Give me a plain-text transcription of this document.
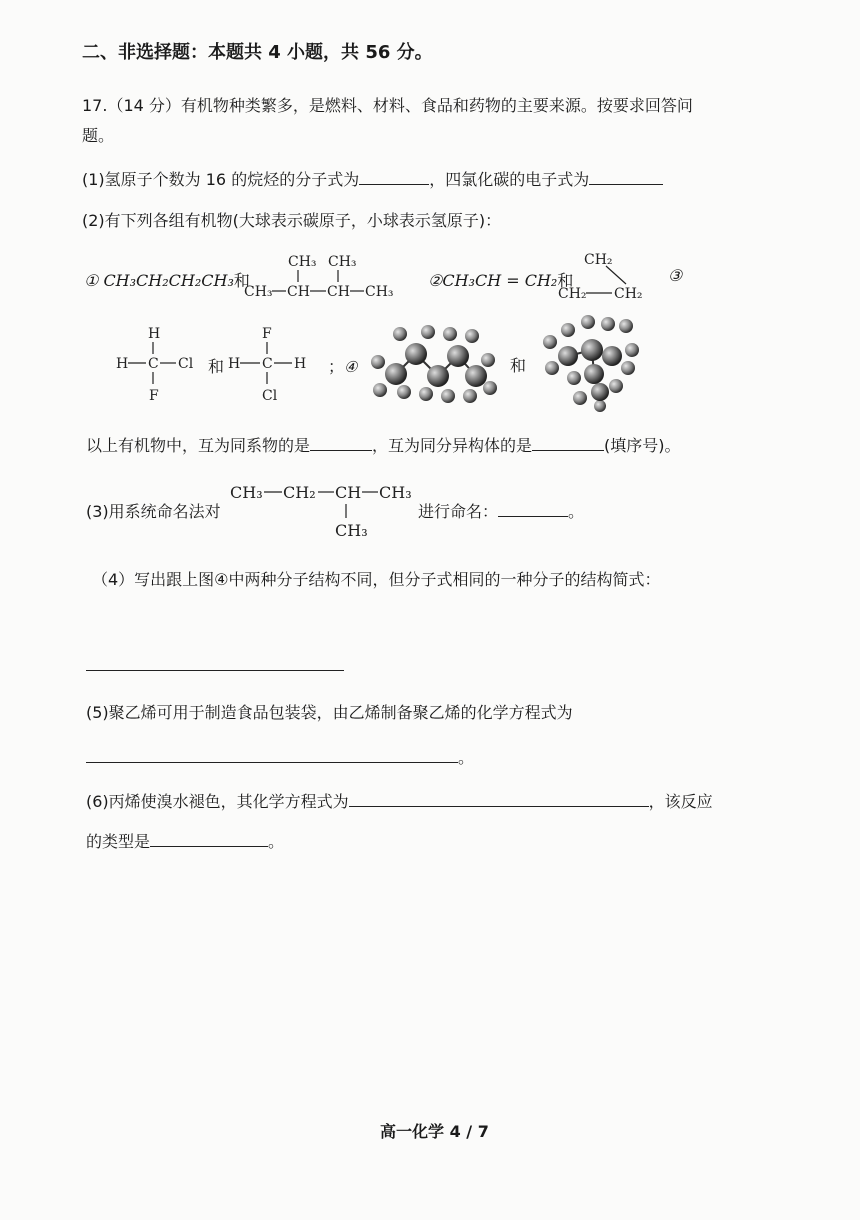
二、非选择题：本题共 4 小题，共 56 分。
17.（14 分）有机物种类繁多，是燃料、材料、食品和药物的主要来源。按要求回答问
题。
(1)氢原子个数为 16 的烷烃的分子式为	，四氯化碳的电子式为
(2)有下列各组有机物(大球表示碳原子，小球表示氢原子)：
① CH₃CH₂CH₂CH₃和
CH₃ CH₃
CH₃ CH CH CH₃
②CH₃CH = CH₂和
CH₂
CH₂ CH₂
③
H
H C Cl
F
和
F
H C H
Cl
；④	和
以上有机物中，互为同系物的是	，互为同分异构体的是	(填序号)。
(3)用系统命名法对
CH₃ CH₂ CH CH₃
CH₃
进行命名：	。
（4）写出跟上图④中两种分子结构不同，但分子式相同的一种分子的结构简式：
(5)聚乙烯可用于制造食品包装袋，由乙烯制备聚乙烯的化学方程式为
。
(6)丙烯使溴水褪色，其化学方程式为	，该反应
的类型是	。
高一化学 4 / 7
